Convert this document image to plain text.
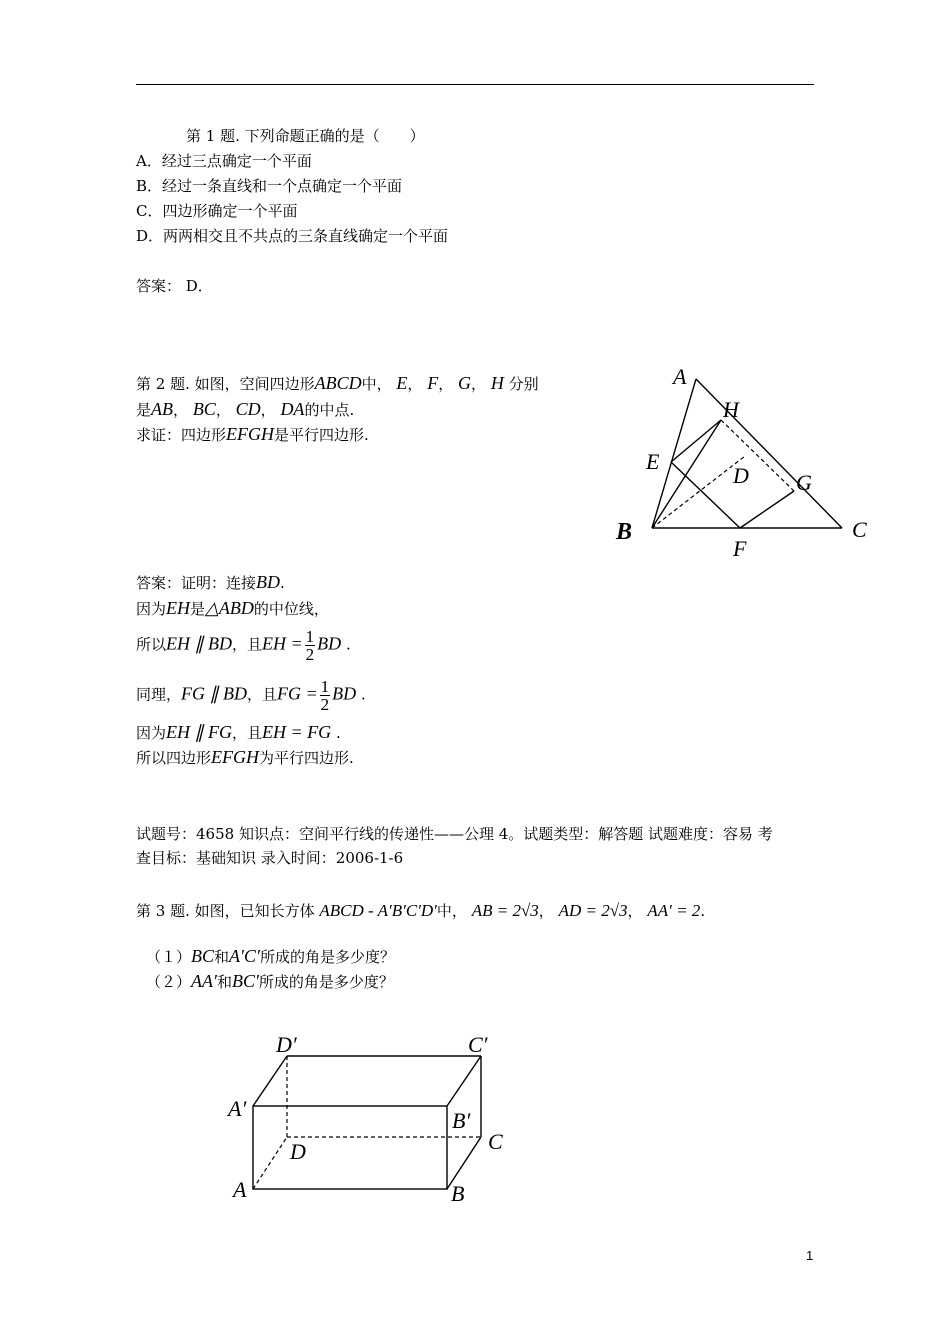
第 1 题. 下列命题正确的是（　　）
A．经过三点确定一个平面
B．经过一条直线和一个点确定一个平面
C．四边形确定一个平面
D．两两相交且不共点的三条直线确定一个平面
答案： D．
第 2 题. 如图，空间四边形ABCD中， E， F， G， H 分别
是AB， BC， CD， DA的中点.
求证：四边形EFGH是平行四边形.
A
B	C
D
E
F
G
H
答案：证明：连接BD.
因为EH是△ABD的中位线，
所以EH ∥ BD，且EH = $\frac{1}{2}$ BD .
同理，FG ∥ BD，且FG = $\frac{1}{2}$ BD .
因为EH ∥ FG，且EH = FG .
所以四边形EFGH为平行四边形.
试题号：4658 知识点：空间平行线的传递性——公理 4。试题类型：解答题 试题难度：容易 考
查目标：基础知识 录入时间：2006-1-6
第 3 题. 如图，已知长方体 ABCD - A′B′C′D′中， AB = 2√3， AD = 2√3， AA′ = 2.
（１）BC和A′C′所成的角是多少度？
（２）AA′和BC′所成的角是多少度？
D′	C′
A′	B′
C
D
A	B
1
